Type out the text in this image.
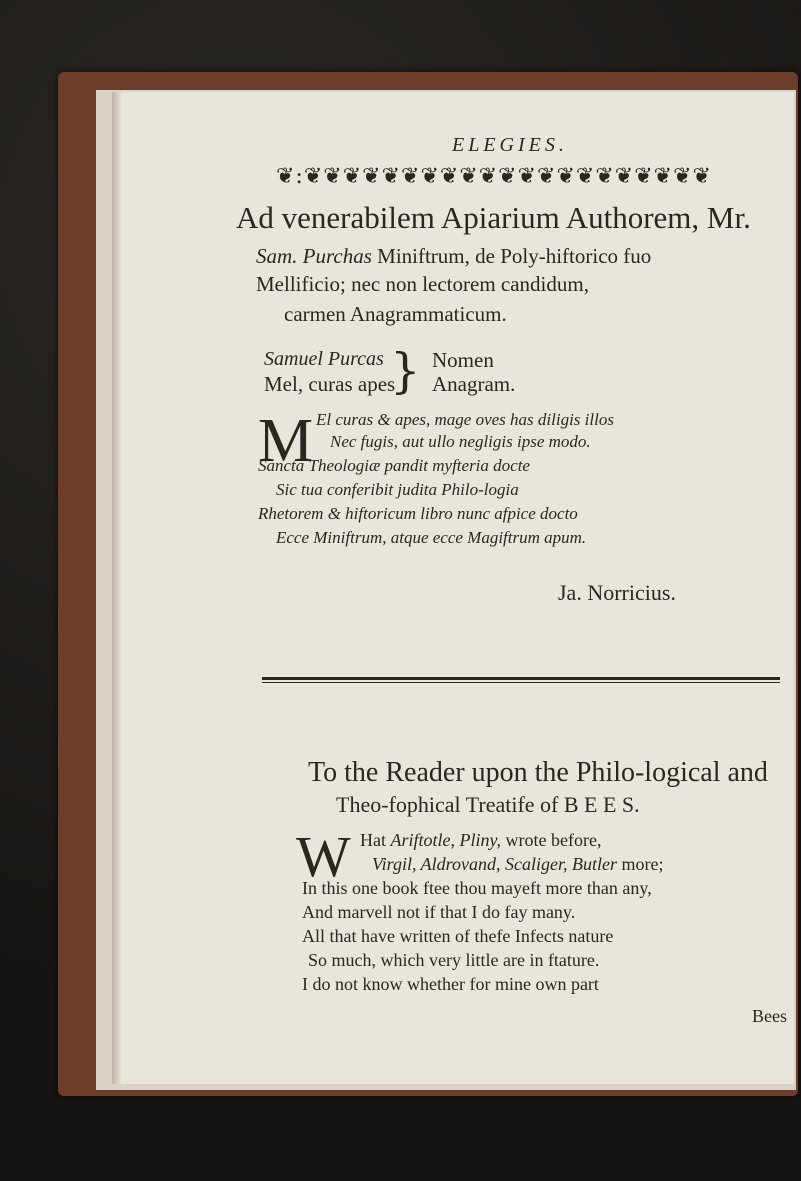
ELEGIES.
❦:❦❦❦❦❦❦❦❦❦❦❦❦❦❦❦❦❦❦❦❦❦
Ad venerabilem Apiarium Authorem, Mr.
Sam. Purchas Miniftrum, de Poly-hiftorico fuo
Mellificio; nec non lectorem candidum,
carmen Anagrammaticum.
Samuel Purcas
Mel, curas apes
} Nomen
Anagram.
M El curas & apes, mage oves has diligis illos
Nec fugis, aut ullo negligis ipse modo.
Sancta Theologiæ pandit myfteria docte
Sic tua conferibit judita Philo-logia
Rhetorem & hiftoricum libro nunc afpice docto
Ecce Miniftrum, atque ecce Magiftrum apum.
Ja. Norricius.
To the Reader upon the Philo-logical and
Theo-fophical Treatife of B E E S.
W Hat Ariftotle, Pliny, wrote before,
Virgil, Aldrovand, Scaliger, Butler more;
In this one book ftee thou mayeft more than any,
And marvell not if that I do fay many.
All that have written of thefe Infects nature
So much, which very little are in ftature.
I do not know whether for mine own part
Bees
